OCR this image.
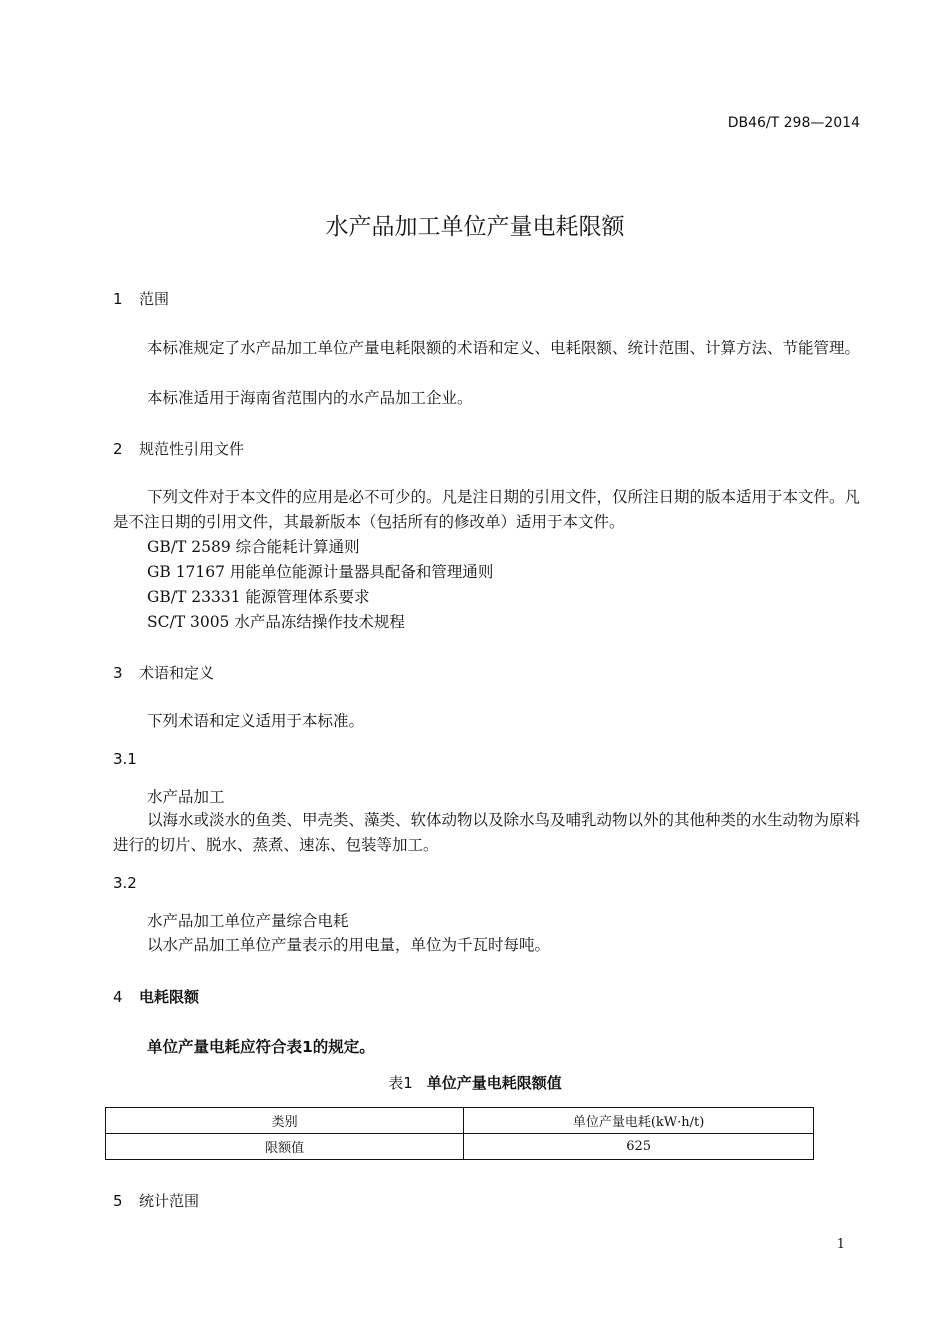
DB46/T 298—2014
水产品加工单位产量电耗限额
1 范围
本标准规定了水产品加工单位产量电耗限额的术语和定义、电耗限额、统计范围、计算方法、节能管理。
本标准适用于海南省范围内的水产品加工企业。
2 规范性引用文件
下列文件对于本文件的应用是必不可少的。凡是注日期的引用文件，仅所注日期的版本适用于本文件。凡是不注日期的引用文件，其最新版本（包括所有的修改单）适用于本文件。
GB/T 2589 综合能耗计算通则
GB 17167 用能单位能源计量器具配备和管理通则
GB/T 23331 能源管理体系要求
SC/T 3005 水产品冻结操作技术规程
3 术语和定义
下列术语和定义适用于本标准。
3.1
水产品加工
以海水或淡水的鱼类、甲壳类、藻类、软体动物以及除水鸟及哺乳动物以外的其他种类的水生动物为原料进行的切片、脱水、蒸煮、速冻、包装等加工。
3.2
水产品加工单位产量综合电耗
以水产品加工单位产量表示的用电量，单位为千瓦时每吨。
4 电耗限额
单位产量电耗应符合表1的规定。
表1 单位产量电耗限额值
类别	单位产量电耗(kW·h/t)
限额值	625
5 统计范围
1
